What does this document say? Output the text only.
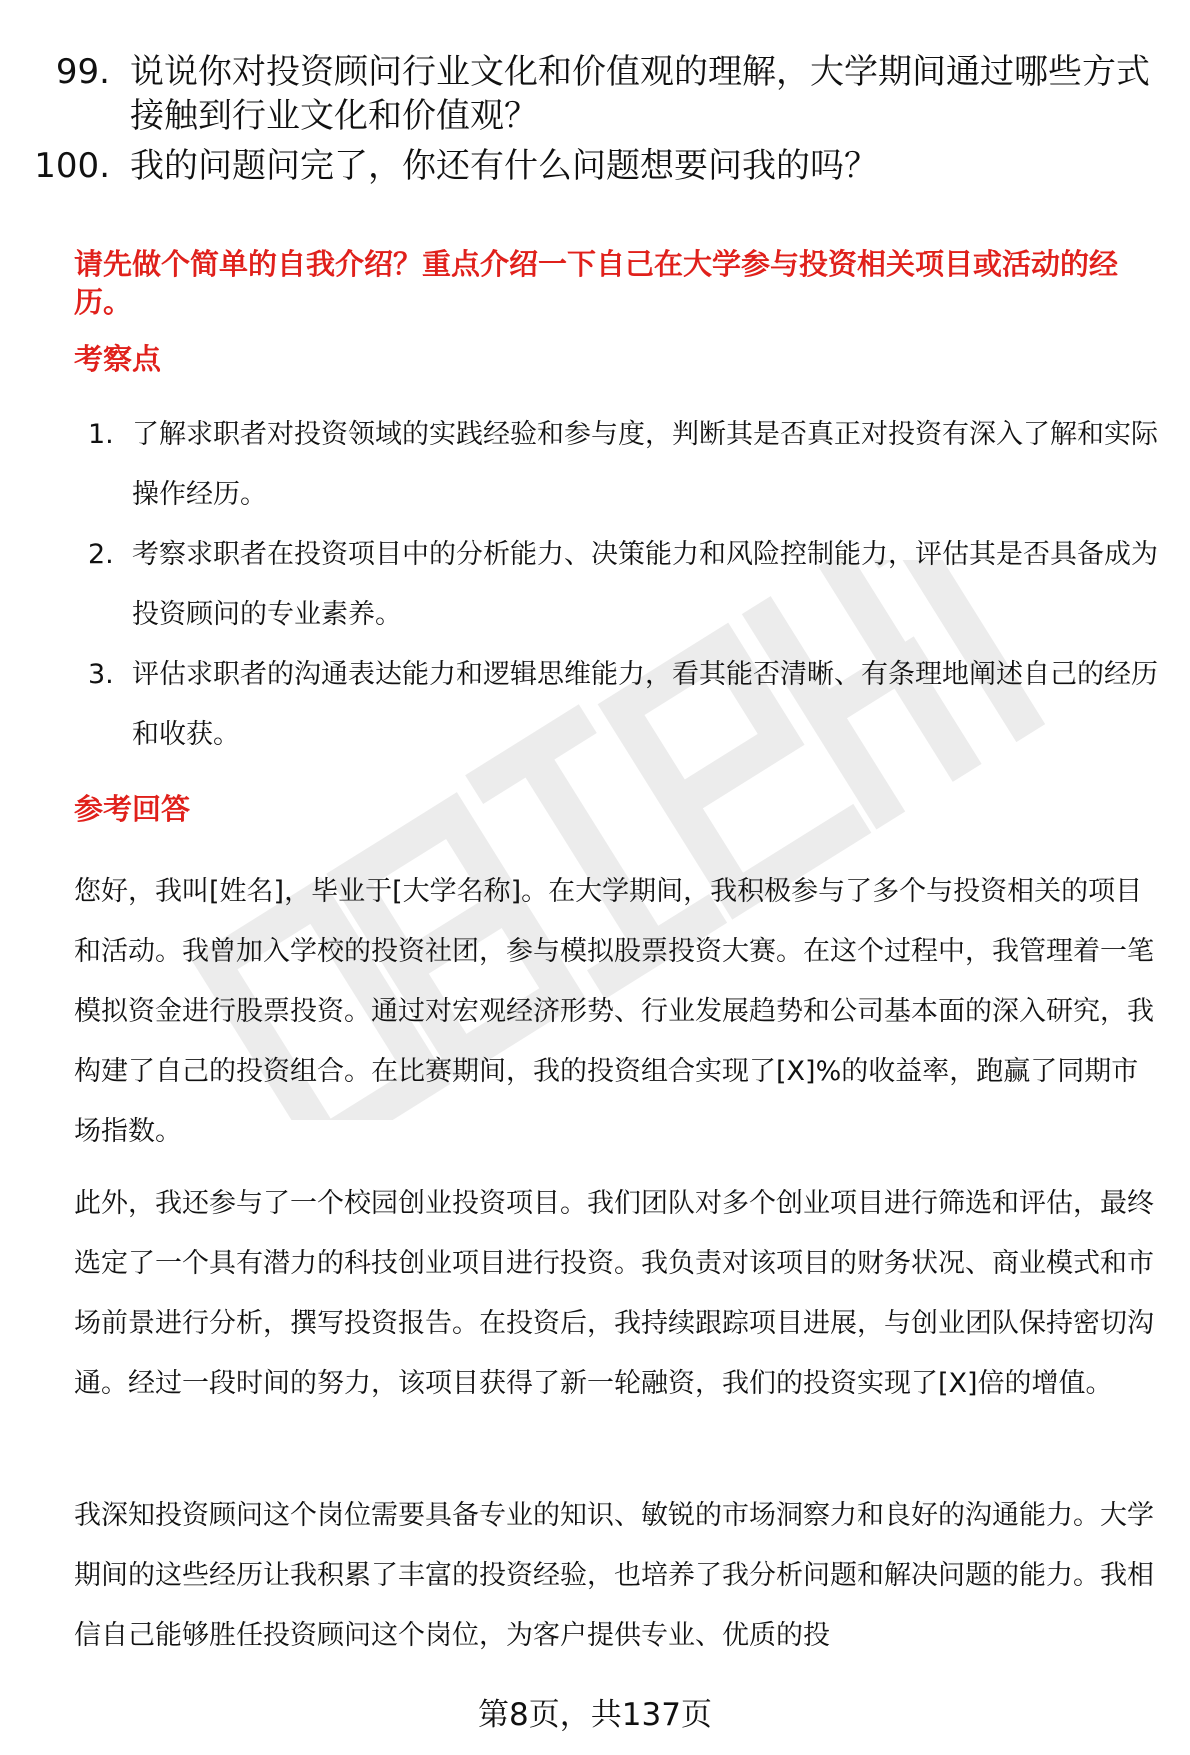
99. 说说你对投资顾问行业文化和价值观的理解，大学期间通过哪些方式接触到行业文化和价值观？
100. 我的问题问完了，你还有什么问题想要问我的吗？
请先做个简单的自我介绍？重点介绍一下自己在大学参与投资相关项目或活动的经历。
考察点
1. 了解求职者对投资领域的实践经验和参与度，判断其是否真正对投资有深入了解和实际操作经历。
2. 考察求职者在投资项目中的分析能力、决策能力和风险控制能力，评估其是否具备成为投资顾问的专业素养。
3. 评估求职者的沟通表达能力和逻辑思维能力，看其能否清晰、有条理地阐述自己的经历和收获。
参考回答

您好，我叫[姓名]，毕业于[大学名称]。在大学期间，我积极参与了多个与投资相关的项目和活动。我曾加入学校的投资社团，参与模拟股票投资大赛。在这个过程中，我管理着一笔模拟资金进行股票投资。通过对宏观经济形势、行业发展趋势和公司基本面的深入研究，我构建了自己的投资组合。在比赛期间，我的投资组合实现了[X]%的收益率，跑赢了同期市场指数。

此外，我还参与了一个校园创业投资项目。我们团队对多个创业项目进行筛选和评估，最终选定了一个具有潜力的科技创业项目进行投资。我负责对该项目的财务状况、商业模式和市场前景进行分析，撰写投资报告。在投资后，我持续跟踪项目进展，与创业团队保持密切沟通。经过一段时间的努力，该项目获得了新一轮融资，我们的投资实现了[X]倍的增值。

我深知投资顾问这个岗位需要具备专业的知识、敏锐的市场洞察力和良好的沟通能力。大学期间的这些经历让我积累了丰富的投资经验，也培养了我分析问题和解决问题的能力。我相信自己能够胜任投资顾问这个岗位，为客户提供专业、优质的投

第8页，共137页
